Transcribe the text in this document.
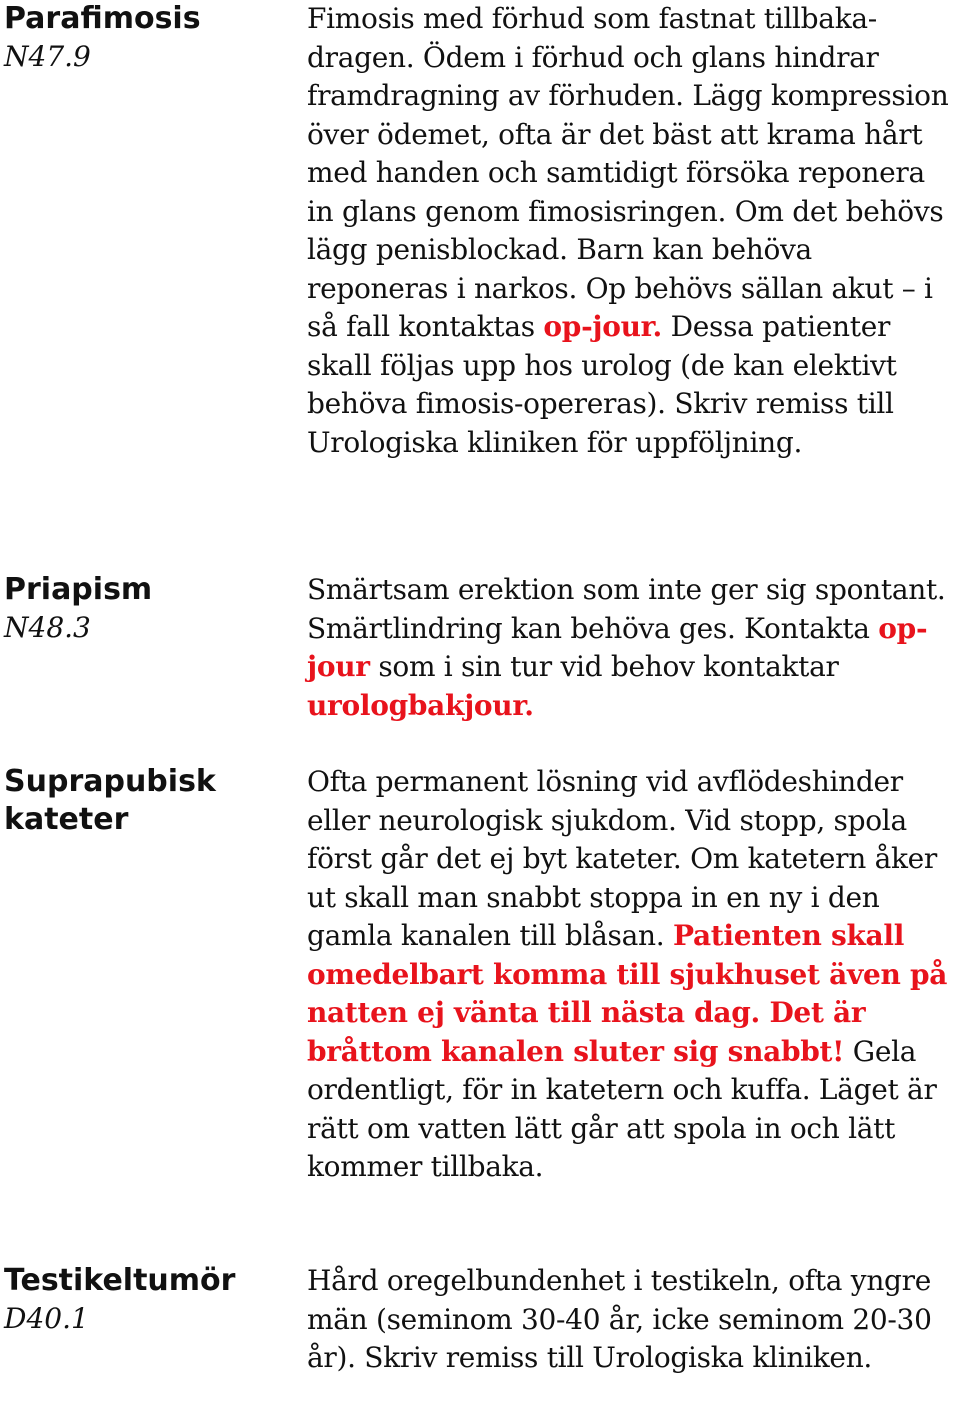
Parafimosis
N47.9
Fimosis med förhud som fastnat tillbaka-dragen. Ödem i förhud och glans hindrar framdragning av förhuden. Lägg kompression över ödemet, ofta är det bäst att krama hårt med handen och samtidigt försöka reponera in glans genom fimosisringen. Om det behövs lägg penisblockad. Barn kan behöva reponeras i narkos. Op behövs sällan akut – i så fall kontaktas op-jour. Dessa patienter skall följas upp hos urolog (de kan elektivt behöva fimosis-opereras). Skriv remiss till Urologiska kliniken för uppföljning.
Priapism
N48.3
Smärtsam erektion som inte ger sig spontant. Smärtlindring kan behöva ges. Kontakta op-jour som i sin tur vid behov kontaktar urologbakjour.
Suprapubisk kateter
Ofta permanent lösning vid avflödeshinder eller neurologisk sjukdom. Vid stopp, spola först går det ej byt kateter. Om katetern åker ut skall man snabbt stoppa in en ny i den gamla kanalen till blåsan. Patienten skall omedelbart komma till sjukhuset även på natten ej vänta till nästa dag. Det är bråttom kanalen sluter sig snabbt! Gela ordentligt, för in katetern och kuffa. Läget är rätt om vatten lätt går att spola in och lätt kommer tillbaka.
Testikeltumör
D40.1
Hård oregelbundenhet i testikeln, ofta yngre män (seminom 30-40 år, icke seminom 20-30 år). Skriv remiss till Urologiska kliniken.
